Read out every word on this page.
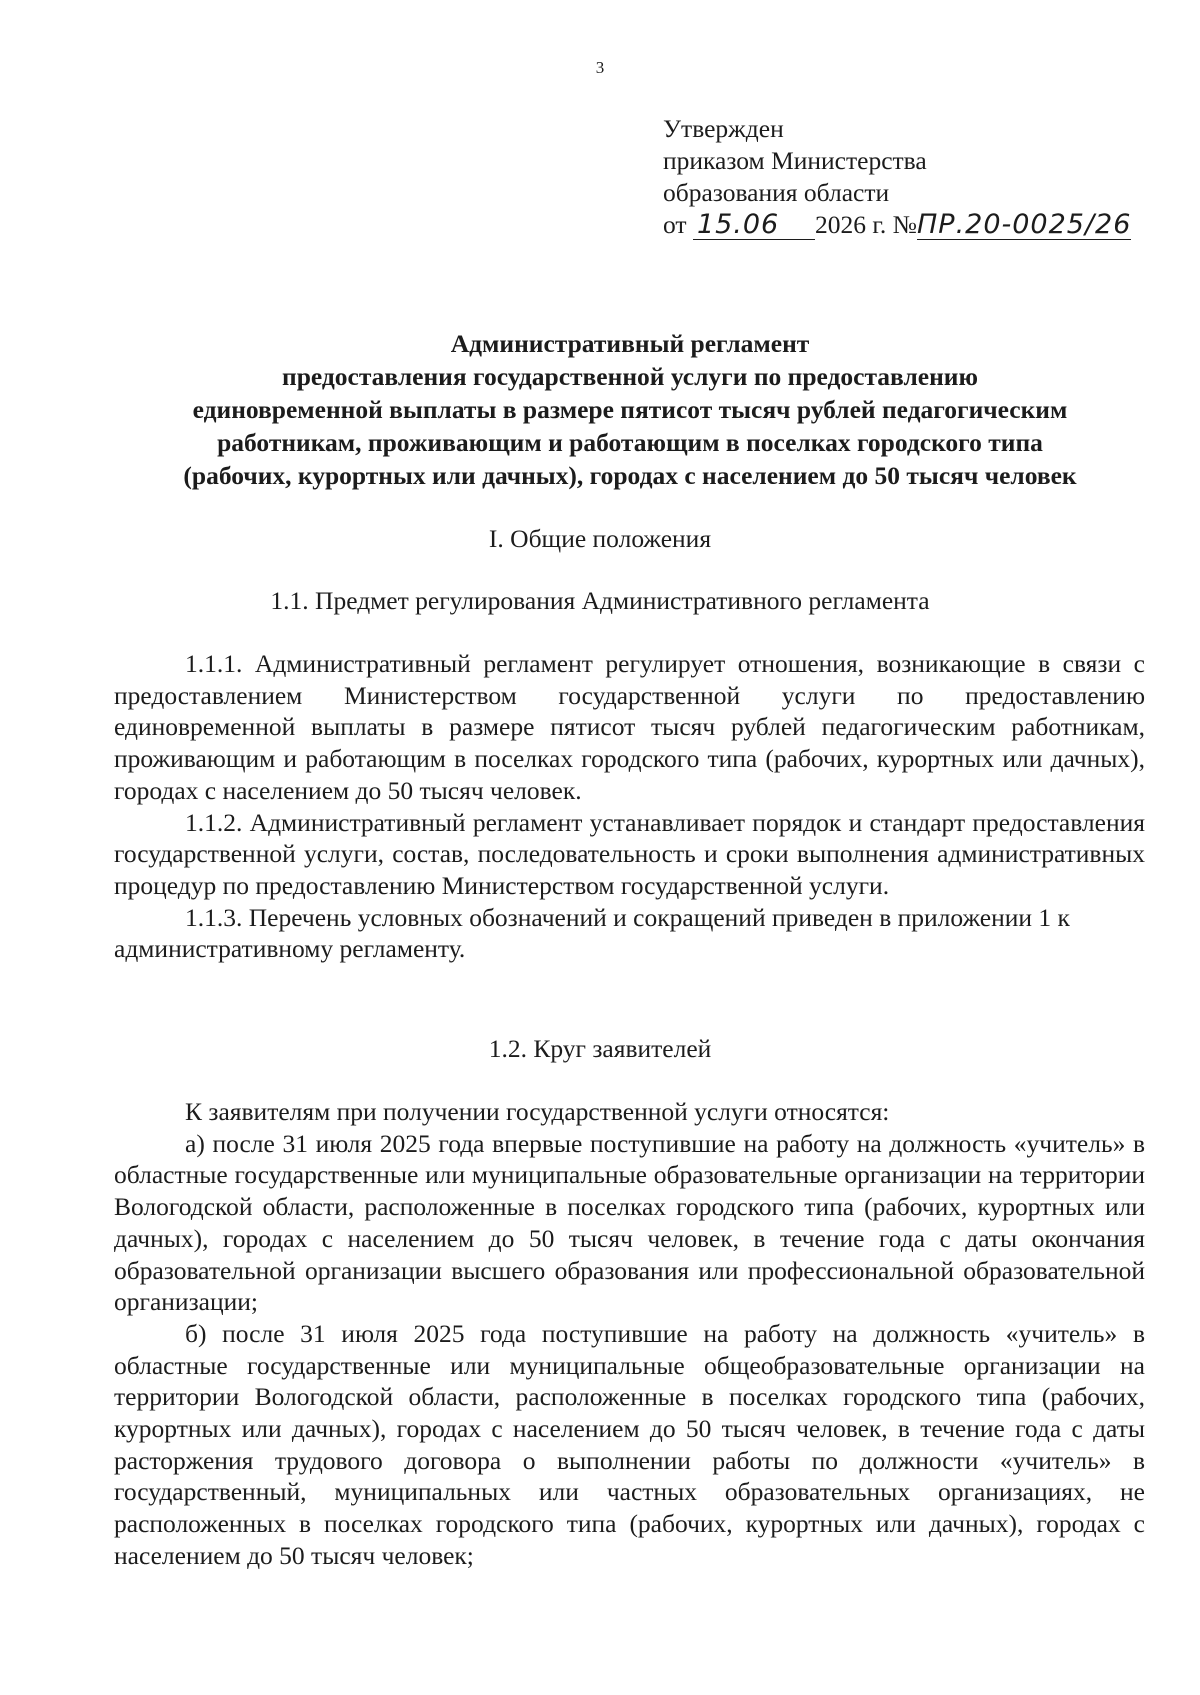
3
Утвержден
приказом Министерства
образования области
от 15.06 2026 г. №ПР.20-0025/26
Административный регламент
предоставления государственной услуги по предоставлению
единовременной выплаты в размере пятисот тысяч рублей педагогическим
работникам, проживающим и работающим в поселках городского типа
(рабочих, курортных или дачных), городах с населением до 50 тысяч человек
I. Общие положения
1.1. Предмет регулирования Административного регламента

1.1.1. Административный регламент регулирует отношения, возникающие в связи с предоставлением Министерством государственной услуги по предоставлению единовременной выплаты в размере пятисот тысяч рублей педагогическим работникам, проживающим и работающим в поселках городского типа (рабочих, курортных или дачных), городах с населением до 50 тысяч человек.

1.1.2. Административный регламент устанавливает порядок и стандарт предоставления государственной услуги, состав, последовательность и сроки выполнения административных процедур по предоставлению Министерством государственной услуги.

1.1.3. Перечень условных обозначений и сокращений приведен в приложении 1 к административному регламенту.

1.2. Круг заявителей

К заявителям при получении государственной услуги относятся:

а) после 31 июля 2025 года впервые поступившие на работу на должность «учитель» в областные государственные или муниципальные образовательные организации на территории Вологодской области, расположенные в поселках городского типа (рабочих, курортных или дачных), городах с населением до 50 тысяч человек, в течение года с даты окончания образовательной организации высшего образования или профессиональной образовательной организации;

б) после 31 июля 2025 года поступившие на работу на должность «учитель» в областные государственные или муниципальные общеобразовательные организации на территории Вологодской области, расположенные в поселках городского типа (рабочих, курортных или дачных), городах с населением до 50 тысяч человек, в течение года с даты расторжения трудового договора о выполнении работы по должности «учитель» в государственный, муниципальных или частных образовательных организациях, не расположенных в поселках городского типа (рабочих, курортных или дачных), городах с населением до 50 тысяч человек;
